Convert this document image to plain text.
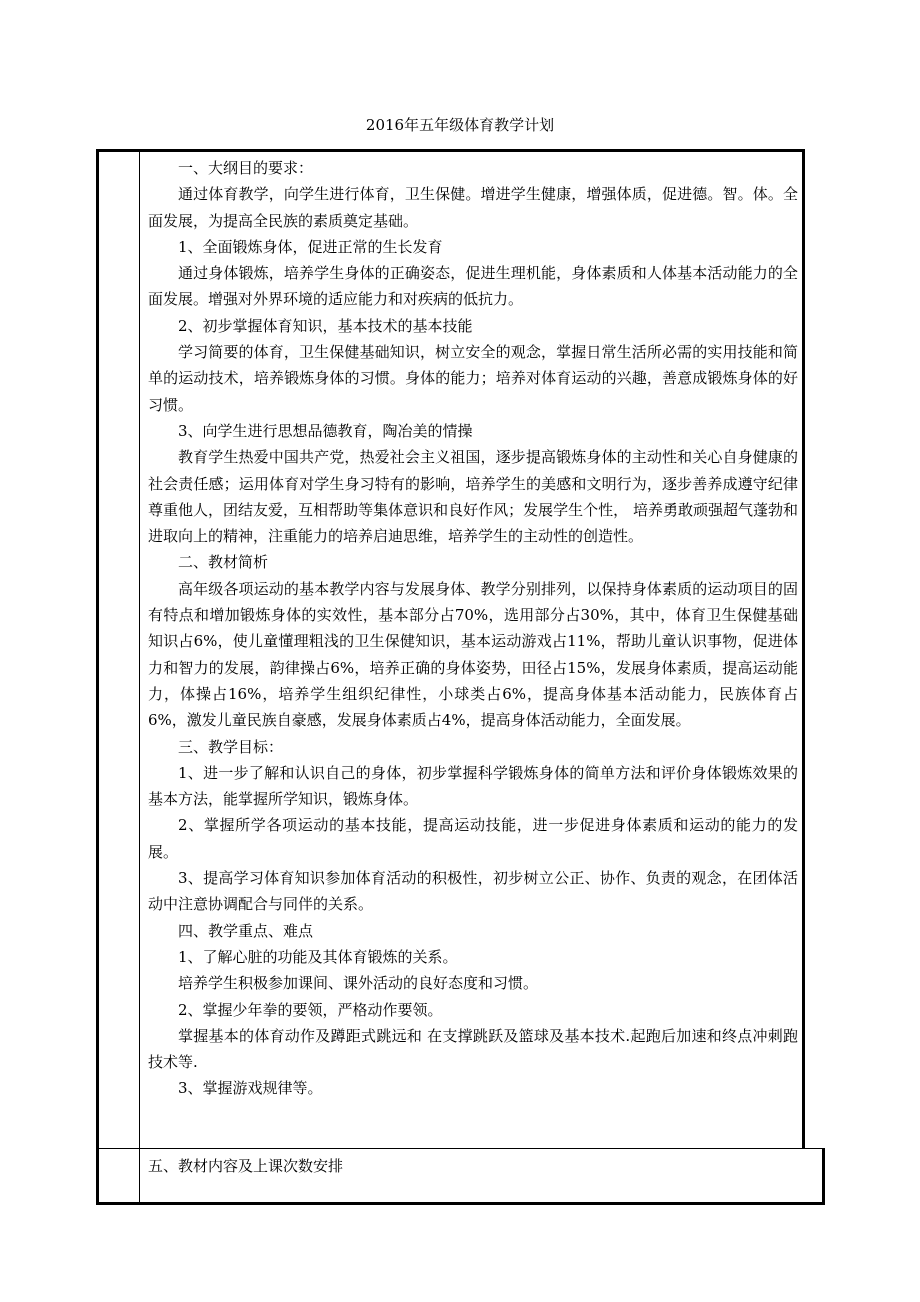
2016年五年级体育教学计划

一、大纲目的要求：

通过体育教学，向学生进行体育，卫生保健。增进学生健康，增强体质，促进德。智。体。全面发展，为提高全民族的素质奠定基础。

1、全面锻炼身体，促进正常的生长发育

通过身体锻炼，培养学生身体的正确姿态，促进生理机能，身体素质和人体基本活动能力的全面发展。增强对外界环境的适应能力和对疾病的低抗力。

2、初步掌握体育知识，基本技术的基本技能

学习简要的体育，卫生保健基础知识，树立安全的观念，掌握日常生活所必需的实用技能和简单的运动技术，培养锻炼身体的习惯。身体的能力；培养对体育运动的兴趣，善意成锻炼身体的好习惯。

3、向学生进行思想品德教育，陶冶美的情操

教育学生热爱中国共产党，热爱社会主义祖国，逐步提高锻炼身体的主动性和关心自身健康的社会责任感；运用体育对学生身习特有的影响，培养学生的美感和文明行为，逐步善养成遵守纪律尊重他人，团结友爱，互相帮助等集体意识和良好作风；发展学生个性， 培养勇敢顽强超气蓬勃和进取向上的精神，注重能力的培养启迪思维，培养学生的主动性的创造性。

二、教材简析

高年级各项运动的基本教学内容与发展身体、教学分别排列，以保持身体素质的运动项目的固有特点和增加锻炼身体的实效性，基本部分占70%，选用部分占30%，其中，体育卫生保健基础知识占6%，使儿童懂理粗浅的卫生保健知识，基本运动游戏占11%，帮助儿童认识事物，促进体力和智力的发展，韵律操占6%，培养正确的身体姿势，田径占15%，发展身体素质，提高运动能力，体操占16%，培养学生组织纪律性，小球类占6%，提高身体基本活动能力，民族体育占6%，激发儿童民族自豪感，发展身体素质占4%，提高身体活动能力，全面发展。

三、教学目标：

1、进一步了解和认识自己的身体，初步掌握科学锻炼身体的简单方法和评价身体锻炼效果的基本方法，能掌握所学知识，锻炼身体。

2、掌握所学各项运动的基本技能，提高运动技能，进一步促进身体素质和运动的能力的发展。

3、提高学习体育知识参加体育活动的积极性，初步树立公正、协作、负责的观念，在团体活动中注意协调配合与同伴的关系。

四、教学重点、难点

1、了解心脏的功能及其体育锻炼的关系。

培养学生积极参加课间、课外活动的良好态度和习惯。

2、掌握少年拳的要领，严格动作要领。

掌握基本的体育动作及蹲距式跳远和 在支撑跳跃及篮球及基本技术.起跑后加速和终点冲刺跑技术等.

3、掌握游戏规律等。

五、教材内容及上课次数安排
